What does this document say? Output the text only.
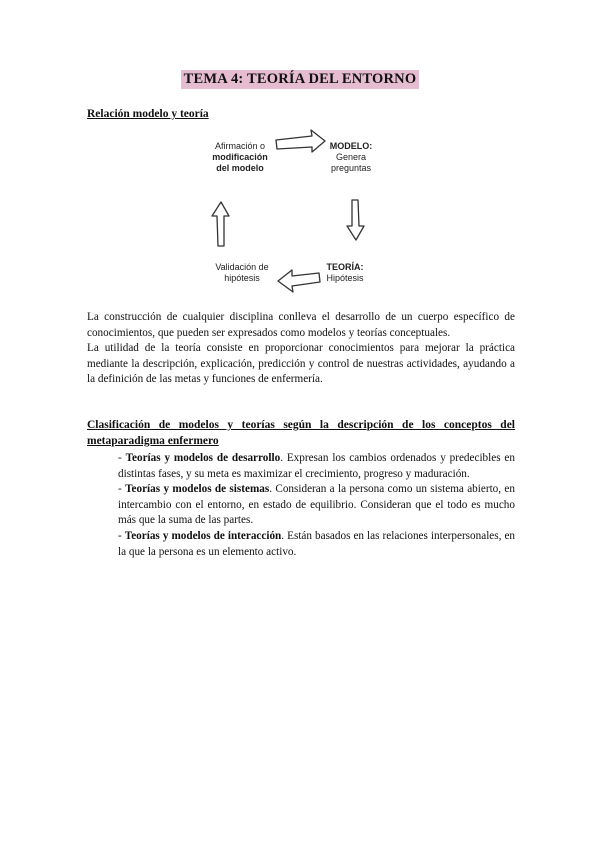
TEMA 4: TEORÍA DEL ENTORNO
Relación modelo y teoría
Afirmación o
modificación
del modelo
MODELO:
Genera
preguntas
TEORÍA:
Hipótesis
Validación de
hipótesis
La construcción de cualquier disciplina conlleva el desarrollo de un cuerpo específico de conocimientos, que pueden ser expresados como modelos y teorías conceptuales.
La utilidad de la teoría consiste en proporcionar conocimientos para mejorar la práctica mediante la descripción, explicación, predicción y control de nuestras actividades, ayudando a la definición de las metas y funciones de enfermería.
Clasificación de modelos y teorías según la descripción de los conceptos del metaparadigma enfermero

- Teorías y modelos de desarrollo. Expresan los cambios ordenados y predecibles en distintas fases, y su meta es maximizar el crecimiento, progreso y maduración.

- Teorías y modelos de sistemas. Consideran a la persona como un sistema abierto, en intercambio con el entorno, en estado de equilibrio. Consideran que el todo es mucho más que la suma de las partes.

- Teorías y modelos de interacción. Están basados en las relaciones interpersonales, en la que la persona es un elemento activo.
